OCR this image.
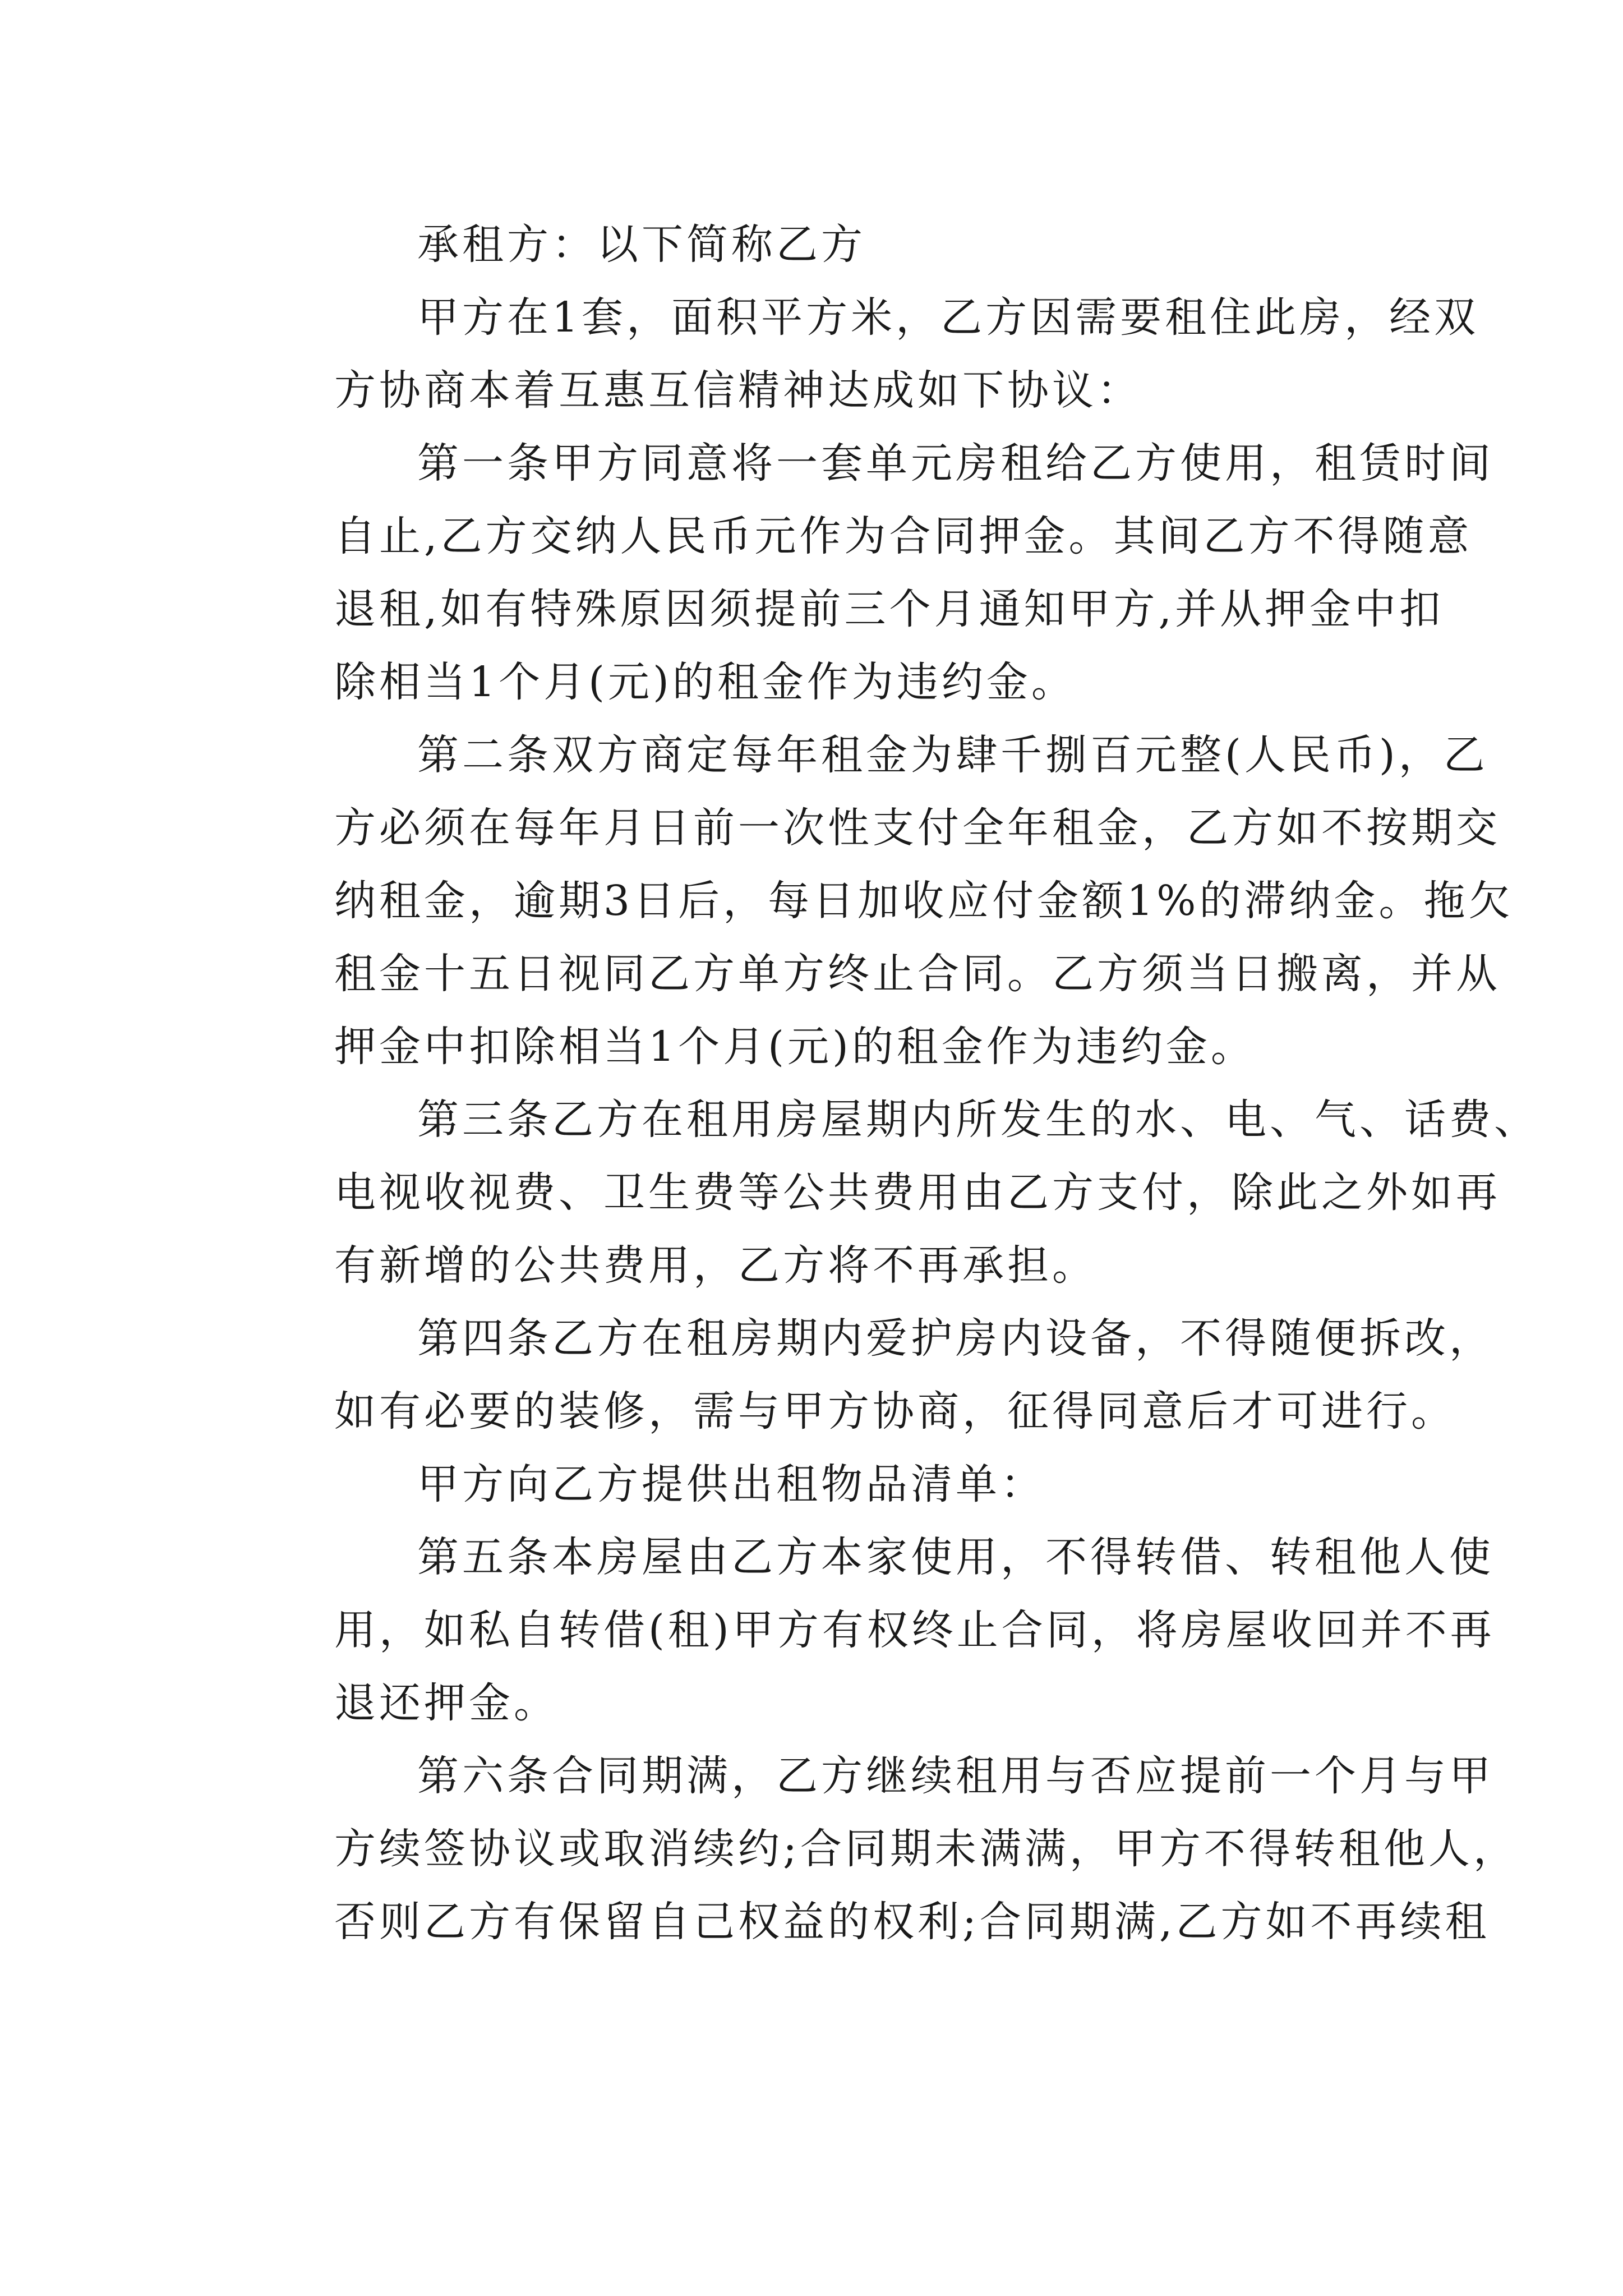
承租方：以下简称乙方
甲方在1套，面积平方米，乙方因需要租住此房，经双
方协商本着互惠互信精神达成如下协议：
第一条甲方同意将一套单元房租给乙方使用，租赁时间
自止,乙方交纳人民币元作为合同押金。其间乙方不得随意
退租,如有特殊原因须提前三个月通知甲方,并从押金中扣
除相当1个月(元)的租金作为违约金。
第二条双方商定每年租金为肆千捌百元整(人民币)，乙
方必须在每年月日前一次性支付全年租金，乙方如不按期交
纳租金，逾期3日后，每日加收应付金额1%的滞纳金。拖欠
租金十五日视同乙方单方终止合同。乙方须当日搬离，并从
押金中扣除相当1个月(元)的租金作为违约金。
第三条乙方在租用房屋期内所发生的水、电、气、话费、
电视收视费、卫生费等公共费用由乙方支付，除此之外如再
有新增的公共费用，乙方将不再承担。
第四条乙方在租房期内爱护房内设备，不得随便拆改，
如有必要的装修，需与甲方协商，征得同意后才可进行。
甲方向乙方提供出租物品清单：
第五条本房屋由乙方本家使用，不得转借、转租他人使
用，如私自转借(租)甲方有权终止合同，将房屋收回并不再
退还押金。
第六条合同期满，乙方继续租用与否应提前一个月与甲
方续签协议或取消续约;合同期未满满，甲方不得转租他人，
否则乙方有保留自己权益的权利;合同期满,乙方如不再续租
